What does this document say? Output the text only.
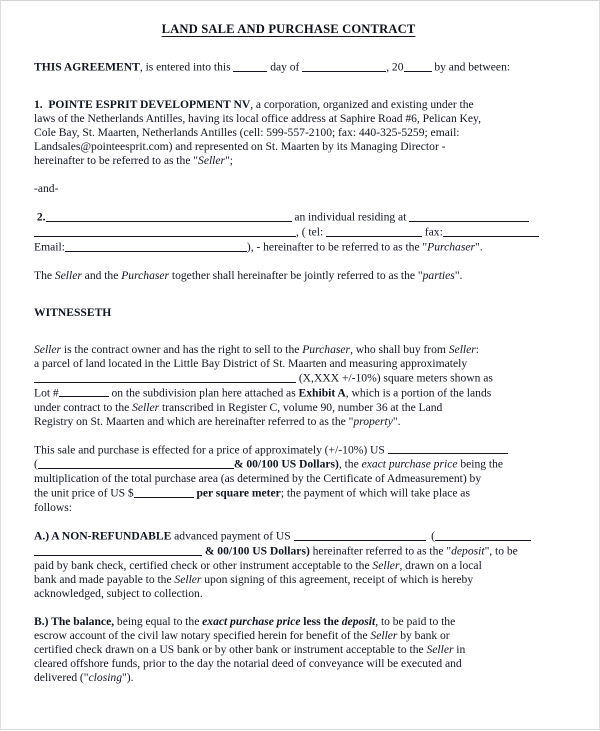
LAND SALE AND PURCHASE CONTRACT

THIS AGREEMENT, is entered into this	day of	, 20 by and between:

1. POINTE ESPRIT DEVELOPMENT NV, a corporation, organized and existing under the
laws of the Netherlands Antilles, having its local office address at Saphire Road #6, Pelican Key,
Cole Bay, St. Maarten, Netherlands Antilles (cell: 599-557-2100; fax: 440-325-5259; email:
Landsales@pointeesprit.com) and represented on St. Maarten by its Managing Director -
hereinafter to be referred to as the "Seller";

-and-

2.	an individual residing at

, ( tel:	fax:

Email:	), - hereinafter to be referred to as the "Purchaser".

The Seller and the Purchaser together shall hereinafter be jointly referred to as the "parties".

WITNESSETH

Seller is the contract owner and has the right to sell to the Purchaser, who shall buy from Seller:

a parcel of land located in the Little Bay District of St. Maarten and measuring approximately

(X,XXX +/-10%) square meters shown as

Lot #	on the subdivision plan here attached as Exhibit A, which is a portion of the lands

under contract to the Seller transcribed in Register C, volume 90, number 36 at the Land

Registry on St. Maarten and which are hereinafter referred to as the "property".

This sale and purchase is effected for a price of approximately (+/-10%) US

(	& 00/100 US Dollars), the exact purchase price being the

multiplication of the total purchase area (as determined by the Certificate of Admeasurement) by

the unit price of US $	per square meter; the payment of which will take place as

follows:

A.) A NON-REFUNDABLE advanced payment of US	(

& 00/100 US Dollars) hereinafter referred to as the "deposit", to be

paid by bank check, certified check or other instrument acceptable to the Seller, drawn on a local

bank and made payable to the Seller upon signing of this agreement, receipt of which is hereby

acknowledged, subject to collection.

B.) The balance, being equal to the exact purchase price less the deposit, to be paid to the

escrow account of the civil law notary specified herein for benefit of the Seller by bank or

certified check drawn on a US bank or by other bank or instrument acceptable to the Seller in

cleared offshore funds, prior to the day the notarial deed of conveyance will be executed and

delivered ("closing").
